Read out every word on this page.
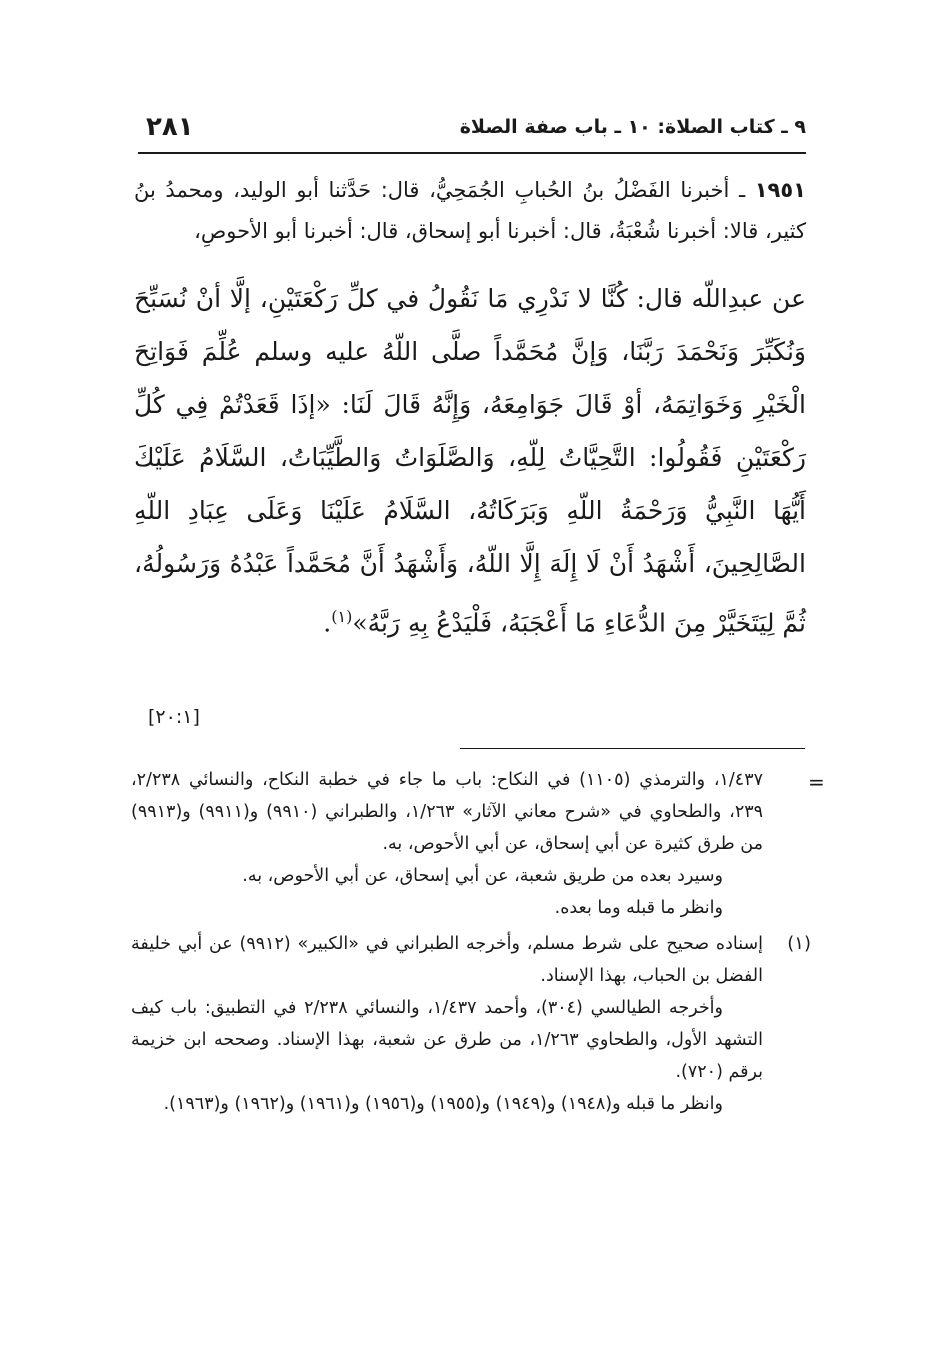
٢٨١	٩ ـ كتاب الصلاة: ١٠ ـ باب صفة الصلاة

١٩٥١ ـ أخبرنا الفَضْلُ بنُ الحُبابِ الجُمَحِيُّ، قال: حَدَّثنا أبو الوليد، ومحمدُ بنُ كثير، قالا: أخبرنا شُعْبَةُ، قال: أخبرنا أبو إسحاق، قال: أخبرنا أبو الأحوصِ،

عن عبدِاللّه قال: كُنَّا لا نَدْرِي مَا نَقُولُ في كلِّ رَكْعَتَيْنِ، إلَّا أنْ نُسَبِّحَ وَنُكَبِّرَ وَنَحْمَدَ رَبَّنَا، وَإنَّ مُحَمَّداً صلَّى اللّهُ عليه وسلم عُلِّمَ فَوَاتِحَ الْخَيْرِ وَخَوَاتِمَهُ، أوْ قَالَ جَوَامِعَهُ، وَإِنَّهُ قَالَ لَنَا: «إذَا قَعَدْتُمْ فِي كُلِّ رَكْعَتَيْنِ فَقُولُوا: التَّحِيَّاتُ لِلّهِ، وَالصَّلَوَاتُ وَالطَّيِّبَاتُ، السَّلَامُ عَلَيْكَ أَيُّهَا النَّبِيُّ وَرَحْمَةُ اللّهِ وَبَرَكَاتُهُ، السَّلَامُ عَلَيْنَا وَعَلَى عِبَادِ اللّهِ الصَّالِحِينَ، أَشْهَدُ أَنْ لَا إِلَهَ إِلَّا اللّهُ، وَأَشْهَدُ أَنَّ مُحَمَّداً عَبْدُهُ وَرَسُولُهُ، ثُمَّ لِيَتَخَيَّرْ مِنَ الدُّعَاءِ مَا أَعْجَبَهُ، فَلْيَدْعُ بِهِ رَبَّهُ»$^{(١)}$.

[٢٠:١]
=

١/٤٣٧، والترمذي (١١٠٥) في النكاح: باب ما جاء في خطبة النكاح، والنسائي ٢/٢٣٨، ٢٣٩، والطحاوي في «شرح معاني الآثار» ١/٢٦٣، والطبراني (٩٩١٠) و(٩٩١١) و(٩٩١٣) من طرق كثيرة عن أبي إسحاق، عن أبي الأحوص، به.

وسيرد بعده من طريق شعبة، عن أبي إسحاق، عن أبي الأحوص، به.

وانظر ما قبله وما بعده.

(١)

إسناده صحيح على شرط مسلم، وأخرجه الطبراني في «الكبير» (٩٩١٢) عن أبي خليفة الفضل بن الحباب، بهذا الإسناد.

وأخرجه الطيالسي (٣٠٤)، وأحمد ١/٤٣٧، والنسائي ٢/٢٣٨ في التطبيق: باب كيف التشهد الأول، والطحاوي ١/٢٦٣، من طرق عن شعبة، بهذا الإسناد. وصححه ابن خزيمة برقم (٧٢٠).

وانظر ما قبله و(١٩٤٨) و(١٩٤٩) و(١٩٥٥) و(١٩٥٦) و(١٩٦١) و(١٩٦٢) و(١٩٦٣).
